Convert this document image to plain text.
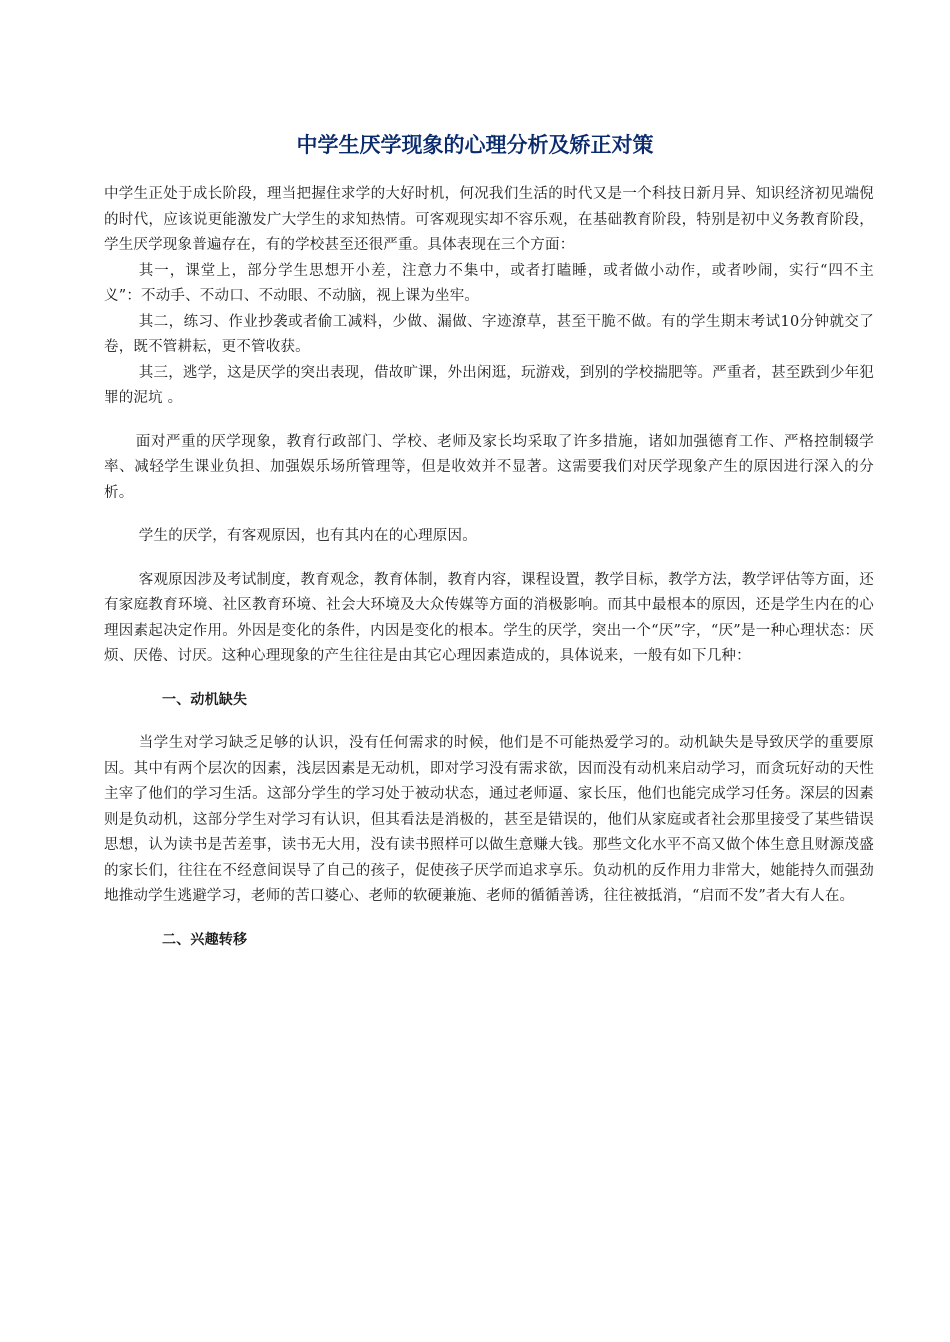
中学生厌学现象的心理分析及矫正对策

中学生正处于成长阶段，理当把握住求学的大好时机，何况我们生活的时代又是一个科技日新月异、知识经济初见端倪的时代，应该说更能激发广大学生的求知热情。可客观现实却不容乐观，在基础教育阶段，特别是初中义务教育阶段，学生厌学现象普遍存在，有的学校甚至还很严重。具体表现在三个方面：

其一，课堂上，部分学生思想开小差，注意力不集中，或者打瞌睡，或者做小动作，或者吵闹，实行“四不主义”：不动手、不动口、不动眼、不动脑，视上课为坐牢。

其二，练习、作业抄袭或者偷工减料，少做、漏做、字迹潦草，甚至干脆不做。有的学生期末考试10分钟就交了卷，既不管耕耘，更不管收获。

其三，逃学，这是厌学的突出表现，借故旷课，外出闲逛，玩游戏，到别的学校揣肥等。严重者，甚至跌到少年犯罪的泥坑 。

面对严重的厌学现象，教育行政部门、学校、老师及家长均采取了许多措施，诸如加强德育工作、严格控制辍学率、减轻学生课业负担、加强娱乐场所管理等，但是收效并不显著。这需要我们对厌学现象产生的原因进行深入的分析。

学生的厌学，有客观原因，也有其内在的心理原因。

客观原因涉及考试制度，教育观念，教育体制，教育内容，课程设置，教学目标，教学方法，教学评估等方面，还有家庭教育环境、社区教育环境、社会大环境及大众传媒等方面的消极影响。而其中最根本的原因，还是学生内在的心理因素起决定作用。外因是变化的条件，内因是变化的根本。学生的厌学，突出一个“厌”字，“厌”是一种心理状态：厌烦、厌倦、讨厌。这种心理现象的产生往往是由其它心理因素造成的，具体说来，一般有如下几种：

一、动机缺失

当学生对学习缺乏足够的认识，没有任何需求的时候，他们是不可能热爱学习的。动机缺失是导致厌学的重要原因。其中有两个层次的因素，浅层因素是无动机，即对学习没有需求欲，因而没有动机来启动学习，而贪玩好动的天性主宰了他们的学习生活。这部分学生的学习处于被动状态，通过老师逼、家长压，他们也能完成学习任务。深层的因素则是负动机，这部分学生对学习有认识，但其看法是消极的，甚至是错误的，他们从家庭或者社会那里接受了某些错误思想，认为读书是苦差事，读书无大用，没有读书照样可以做生意赚大钱。那些文化水平不高又做个体生意且财源茂盛的家长们，往往在不经意间误导了自己的孩子，促使孩子厌学而追求享乐。负动机的反作用力非常大，她能持久而强劲地推动学生逃避学习，老师的苦口婆心、老师的软硬兼施、老师的循循善诱，往往被抵消，“启而不发”者大有人在。

二、兴趣转移
